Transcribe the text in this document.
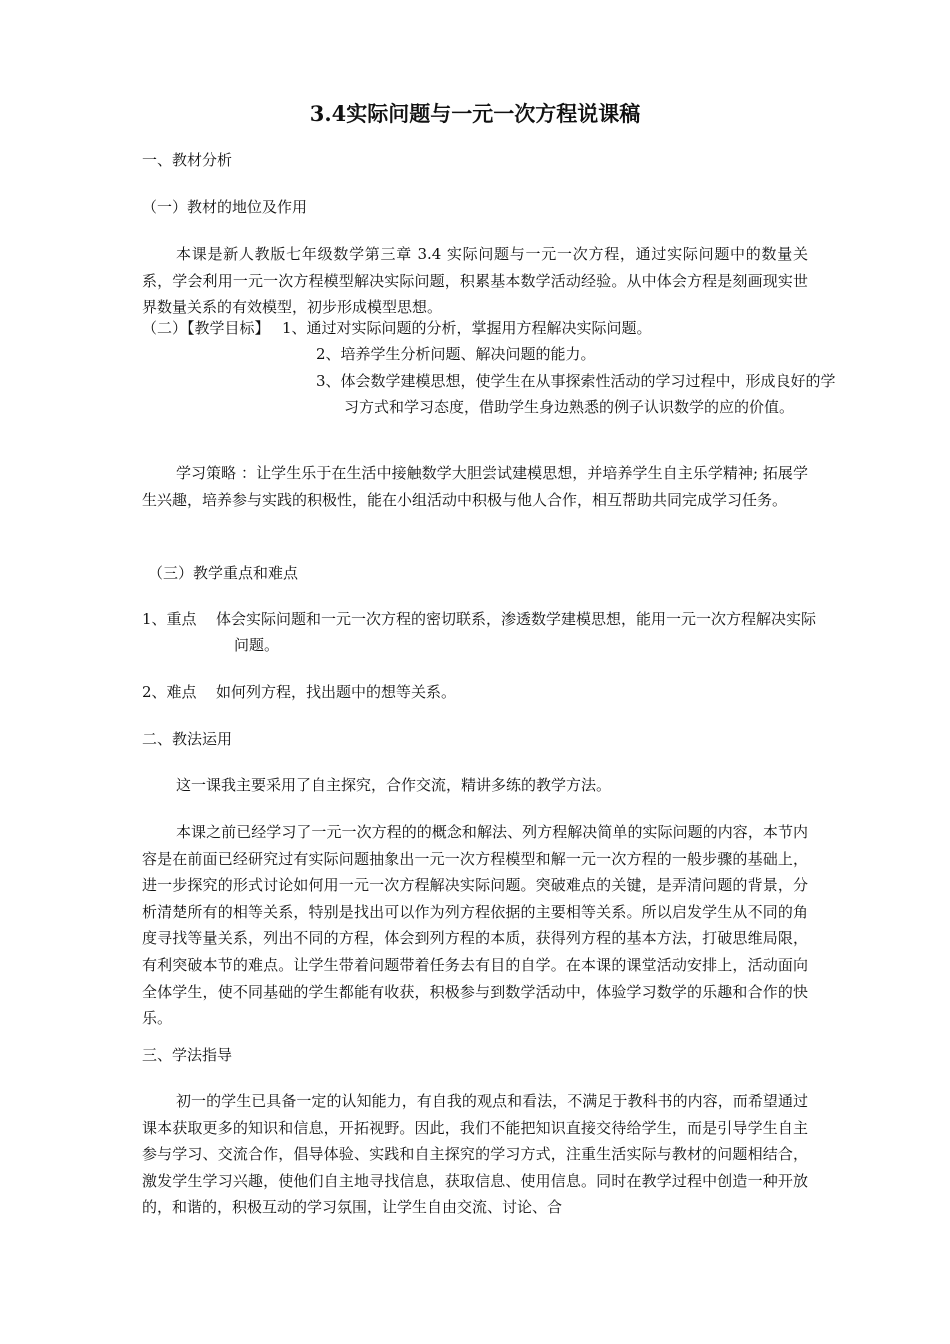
3.4实际问题与一元一次方程说课稿
一、教材分析
（一）教材的地位及作用
本课是新人教版七年级数学第三章 3.4 实际问题与一元一次方程，通过实际问题中的数量关系，学会利用一元一次方程模型解决实际问题，积累基本数学活动经验。从中体会方程是刻画现实世界数量关系的有效模型，初步形成模型思想。
（二）【教学目标】 1、通过对实际问题的分析，掌握用方程解决实际问题。
2、培养学生分析问题、解决问题的能力。
3、体会数学建模思想，使学生在从事探索性活动的学习过程中，形成良好的学习方式和学习态度，借助学生身边熟悉的例子认识数学的应的价值。
学习策略 ：让学生乐于在生活中接触数学大胆尝试建模思想，并培养学生自主乐学精神; 拓展学生兴趣，培养参与实践的积极性，能在小组活动中积极与他人合作，相互帮助共同完成学习任务。
（三）教学重点和难点
1、重点 体会实际问题和一元一次方程的密切联系，渗透数学建模思想，能用一元一次方程解决实际问题。
2、难点 如何列方程，找出题中的想等关系。
二、教法运用
这一课我主要采用了自主探究，合作交流，精讲多练的教学方法。
本课之前已经学习了一元一次方程的的概念和解法、列方程解决简单的实际问题的内容，本节内容是在前面已经研究过有实际问题抽象出一元一次方程模型和解一元一次方程的一般步骤的基础上，进一步探究的形式讨论如何用一元一次方程解决实际问题。突破难点的关键，是弄清问题的背景，分析清楚所有的相等关系，特别是找出可以作为列方程依据的主要相等关系。所以启发学生从不同的角度寻找等量关系，列出不同的方程，体会到列方程的本质，获得列方程的基本方法，打破思维局限，有利突破本节的难点。让学生带着问题带着任务去有目的自学。在本课的课堂活动安排上，活动面向全体学生，使不同基础的学生都能有收获，积极参与到数学活动中，体验学习数学的乐趣和合作的快乐。
三、学法指导
初一的学生已具备一定的认知能力，有自我的观点和看法，不满足于教科书的内容，而希望通过课本获取更多的知识和信息，开拓视野。因此，我们不能把知识直接交待给学生，而是引导学生自主参与学习、交流合作，倡导体验、实践和自主探究的学习方式，注重生活实际与教材的问题相结合，激发学生学习兴趣，使他们自主地寻找信息，获取信息、使用信息。同时在教学过程中创造一种开放的，和谐的，积极互动的学习氛围，让学生自由交流、讨论、合
